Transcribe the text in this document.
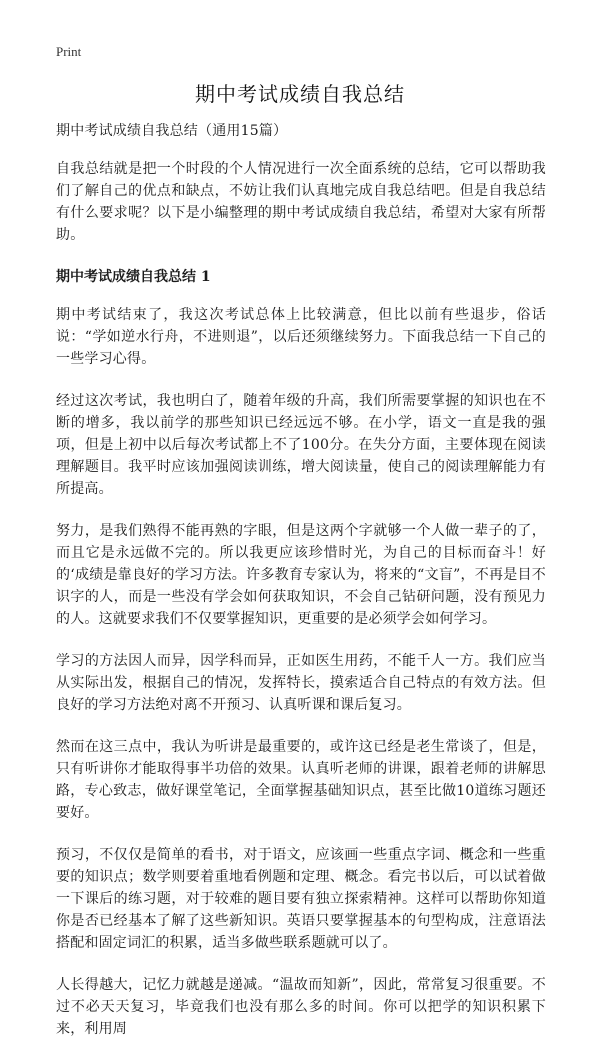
Print
期中考试成绩自我总结

期中考试成绩自我总结（通用15篇）

自我总结就是把一个时段的个人情况进行一次全面系统的总结，它可以帮助我们了解自己的优点和缺点，不妨让我们认真地完成自我总结吧。但是自我总结有什么要求呢？以下是小编整理的期中考试成绩自我总结，希望对大家有所帮助。

期中考试成绩自我总结 1

期中考试结束了，我这次考试总体上比较满意，但比以前有些退步，俗话说：“学如逆水行舟，不进则退”，以后还须继续努力。下面我总结一下自己的一些学习心得。

经过这次考试，我也明白了，随着年级的升高，我们所需要掌握的知识也在不断的增多，我以前学的那些知识已经远远不够。在小学，语文一直是我的强项，但是上初中以后每次考试都上不了100分。在失分方面，主要体现在阅读理解题目。我平时应该加强阅读训练，增大阅读量，使自己的阅读理解能力有所提高。

努力，是我们熟得不能再熟的字眼，但是这两个字就够一个人做一辈子的了，而且它是永远做不完的。所以我更应该珍惜时光，为自己的目标而奋斗！好的‘成绩是靠良好的学习方法。许多教育专家认为，将来的“文盲”，不再是目不识字的人，而是一些没有学会如何获取知识，不会自己钻研问题，没有预见力的人。这就要求我们不仅要掌握知识，更重要的是必须学会如何学习。

学习的方法因人而异，因学科而异，正如医生用药，不能千人一方。我们应当从实际出发，根据自己的情况，发挥特长，摸索适合自己特点的有效方法。但良好的学习方法绝对离不开预习、认真听课和课后复习。

然而在这三点中，我认为听讲是最重要的，或许这已经是老生常谈了，但是，只有听讲你才能取得事半功倍的效果。认真听老师的讲课，跟着老师的讲解思路，专心致志，做好课堂笔记，全面掌握基础知识点，甚至比做10道练习题还要好。

预习，不仅仅是简单的看书，对于语文，应该画一些重点字词、概念和一些重要的知识点；数学则要着重地看例题和定理、概念。看完书以后，可以试着做一下课后的练习题，对于较难的题目要有独立探索精神。这样可以帮助你知道你是否已经基本了解了这些新知识。英语只要掌握基本的句型构成，注意语法搭配和固定词汇的积累，适当多做些联系题就可以了。

人长得越大，记忆力就越是递减。“温故而知新”，因此，常常复习很重要。不过不必天天复习，毕竟我们也没有那么多的时间。你可以把学的知识积累下来，利用周
